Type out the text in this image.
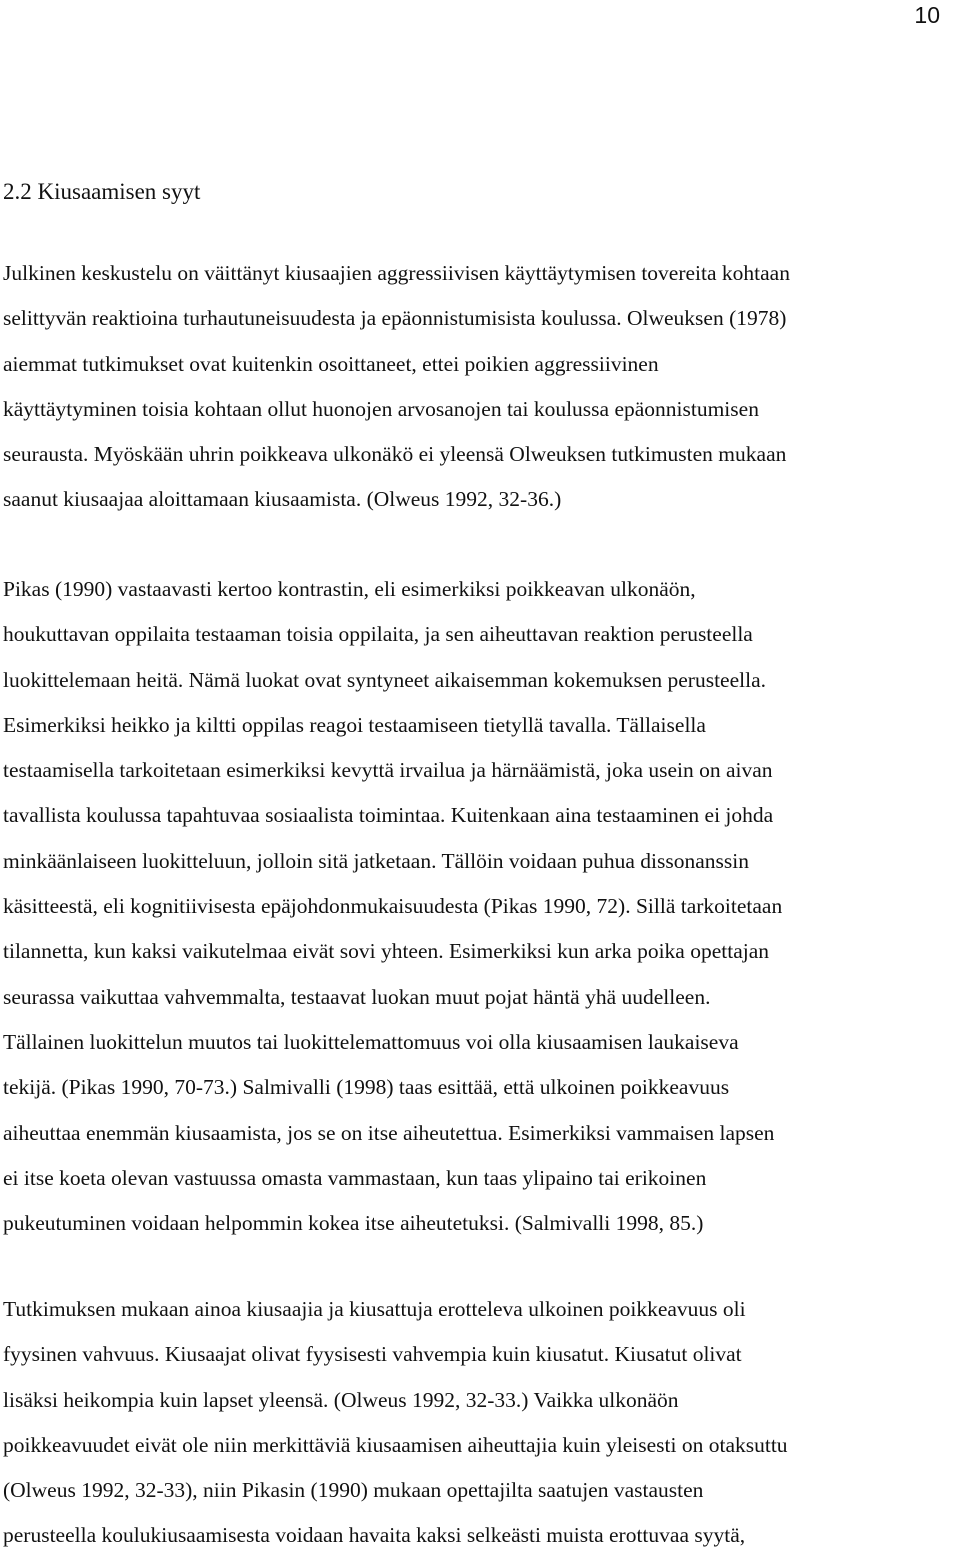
10
2.2 Kiusaamisen syyt

Julkinen keskustelu on väittänyt kiusaajien aggressiivisen käyttäytymisen tovereita kohtaan
selittyvän reaktioina turhautuneisuudesta ja epäonnistumisista koulussa. Olweuksen (1978)
aiemmat tutkimukset ovat kuitenkin osoittaneet, ettei poikien aggressiivinen
käyttäytyminen toisia kohtaan ollut huonojen arvosanojen tai koulussa epäonnistumisen
seurausta. Myöskään uhrin poikkeava ulkonäkö ei yleensä Olweuksen tutkimusten mukaan
saanut kiusaajaa aloittamaan kiusaamista. (Olweus 1992, 32-36.)

Pikas (1990) vastaavasti kertoo kontrastin, eli esimerkiksi poikkeavan ulkonäön,
houkuttavan oppilaita testaaman toisia oppilaita, ja sen aiheuttavan reaktion perusteella
luokittelemaan heitä. Nämä luokat ovat syntyneet aikaisemman kokemuksen perusteella.
Esimerkiksi heikko ja kiltti oppilas reagoi testaamiseen tietyllä tavalla. Tällaisella
testaamisella tarkoitetaan esimerkiksi kevyttä irvailua ja härnäämistä, joka usein on aivan
tavallista koulussa tapahtuvaa sosiaalista toimintaa. Kuitenkaan aina testaaminen ei johda
minkäänlaiseen luokitteluun, jolloin sitä jatketaan. Tällöin voidaan puhua dissonanssin
käsitteestä, eli kognitiivisesta epäjohdonmukaisuudesta (Pikas 1990, 72). Sillä tarkoitetaan
tilannetta, kun kaksi vaikutelmaa eivät sovi yhteen. Esimerkiksi kun arka poika opettajan
seurassa vaikuttaa vahvemmalta, testaavat luokan muut pojat häntä yhä uudelleen.
Tällainen luokittelun muutos tai luokittelemattomuus voi olla kiusaamisen laukaiseva
tekijä. (Pikas 1990, 70-73.) Salmivalli (1998) taas esittää, että ulkoinen poikkeavuus
aiheuttaa enemmän kiusaamista, jos se on itse aiheutettua. Esimerkiksi vammaisen lapsen
ei itse koeta olevan vastuussa omasta vammastaan, kun taas ylipaino tai erikoinen
pukeutuminen voidaan helpommin kokea itse aiheutetuksi. (Salmivalli 1998, 85.)

Tutkimuksen mukaan ainoa kiusaajia ja kiusattuja erotteleva ulkoinen poikkeavuus oli
fyysinen vahvuus. Kiusaajat olivat fyysisesti vahvempia kuin kiusatut. Kiusatut olivat
lisäksi heikompia kuin lapset yleensä. (Olweus 1992, 32-33.) Vaikka ulkonäön
poikkeavuudet eivät ole niin merkittäviä kiusaamisen aiheuttajia kuin yleisesti on otaksuttu
(Olweus 1992, 32-33), niin Pikasin (1990) mukaan opettajilta saatujen vastausten
perusteella koulukiusaamisesta voidaan havaita kaksi selkeästi muista erottuvaa syytä,
